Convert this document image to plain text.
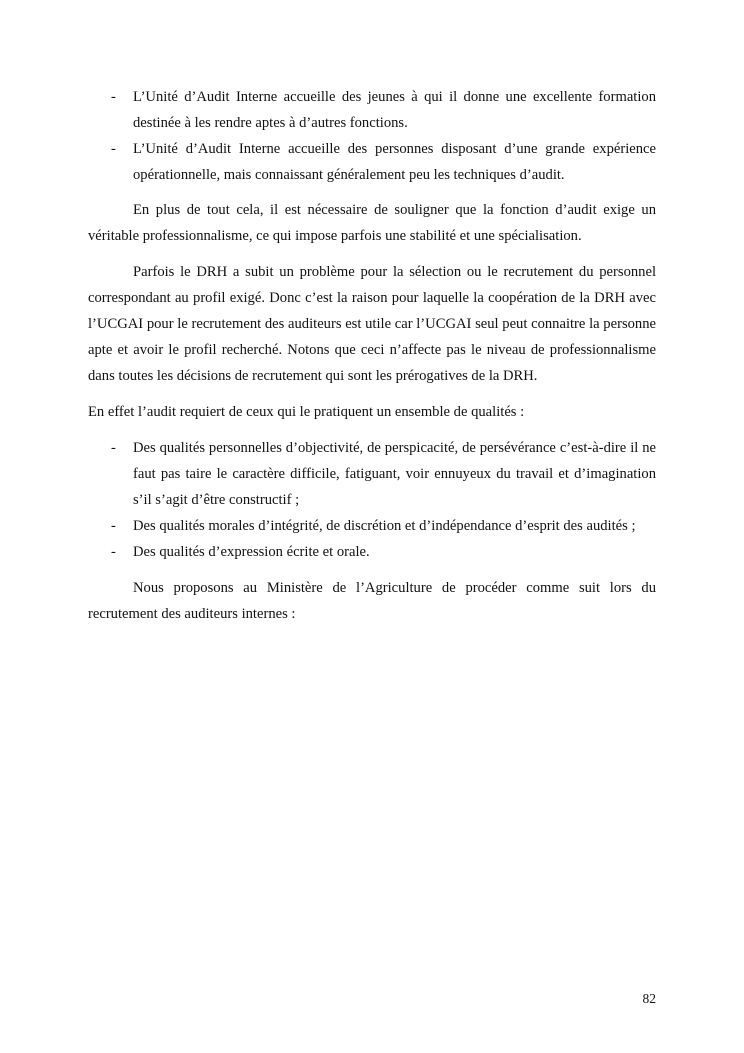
- L’Unité d’Audit Interne accueille des jeunes à qui il donne une excellente formation destinée à les rendre aptes à d’autres fonctions.
- L’Unité d’Audit Interne accueille des personnes disposant d’une grande expérience opérationnelle, mais connaissant généralement peu les techniques d’audit.

En plus de tout cela, il est nécessaire de souligner que la fonction d’audit exige un véritable professionnalisme, ce qui impose parfois une stabilité et une spécialisation.

Parfois le DRH a subit un problème pour la sélection ou le recrutement du personnel correspondant au profil exigé. Donc c’est la raison pour laquelle la coopération de la DRH avec l’UCGAI pour le recrutement des auditeurs est utile car l’UCGAI seul peut connaitre la personne apte et avoir le profil recherché. Notons que ceci n’affecte pas le niveau de professionnalisme dans toutes les décisions de recrutement qui sont les prérogatives de la DRH.

En effet l’audit requiert de ceux qui le pratiquent un ensemble de qualités :

- Des qualités personnelles d’objectivité, de perspicacité, de persévérance c’est-à-dire il ne faut pas taire le caractère difficile, fatiguant, voir ennuyeux du travail et d’imagination s’il s’agit d’être constructif ;
- Des qualités morales d’intégrité, de discrétion et d’indépendance d’esprit des audités ;
- Des qualités d’expression écrite et orale.

Nous proposons au Ministère de l’Agriculture de procéder comme suit lors du recrutement des auditeurs internes :

82
